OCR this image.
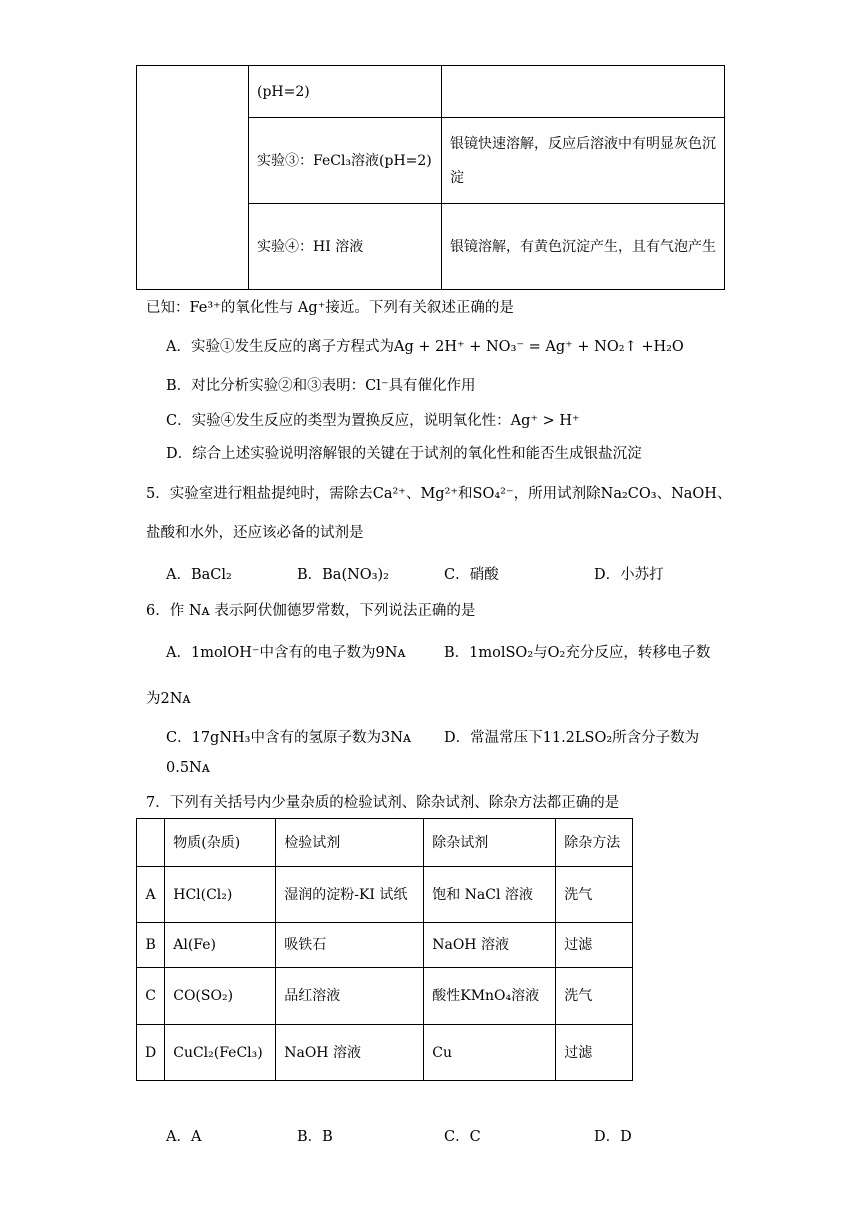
	(pH=2)	
	实验③：FeCl₃溶液(pH=2)	银镜快速溶解，反应后溶液中有明显灰色沉淀
	实验④：HI 溶液	银镜溶解，有黄色沉淀产生，且有气泡产生
已知：Fe³⁺的氧化性与 Ag⁺接近。下列有关叙述正确的是
A．实验①发生反应的离子方程式为Ag + 2H⁺ + NO₃⁻ = Ag⁺ + NO₂↑ +H₂O
B．对比分析实验②和③表明：Cl⁻具有催化作用
C．实验④发生反应的类型为置换反应，说明氧化性：Ag⁺ > H⁺
D．综合上述实验说明溶解银的关键在于试剂的氧化性和能否生成银盐沉淀
5．实验室进行粗盐提纯时，需除去Ca²⁺、Mg²⁺和SO₄²⁻，所用试剂除Na₂CO₃、NaOH、
盐酸和水外，还应该必备的试剂是
A．BaCl₂	B．Ba(NO₃)₂	C．硝酸	D．小苏打
6．作 Nᴀ 表示阿伏伽德罗常数，下列说法正确的是
A．1molOH⁻中含有的电子数为9Nᴀ	B．1molSO₂与O₂充分反应，转移电子数
为2Nᴀ
C．17gNH₃中含有的氢原子数为3Nᴀ D．常温常压下11.2LSO₂所含分子数为
0.5Nᴀ
7．下列有关括号内少量杂质的检验试剂、除杂试剂、除杂方法都正确的是
	物质(杂质)	检验试剂	除杂试剂	除杂方法
A	HCl(Cl₂)	湿润的淀粉-KI 试纸	饱和 NaCl 溶液	洗气
B	Al(Fe)	吸铁石	NaOH 溶液	过滤
C	CO(SO₂)	品红溶液	酸性KMnO₄溶液	洗气
D	CuCl₂(FeCl₃)	NaOH 溶液	Cu	过滤
A．A	B．B	C．C	D．D
